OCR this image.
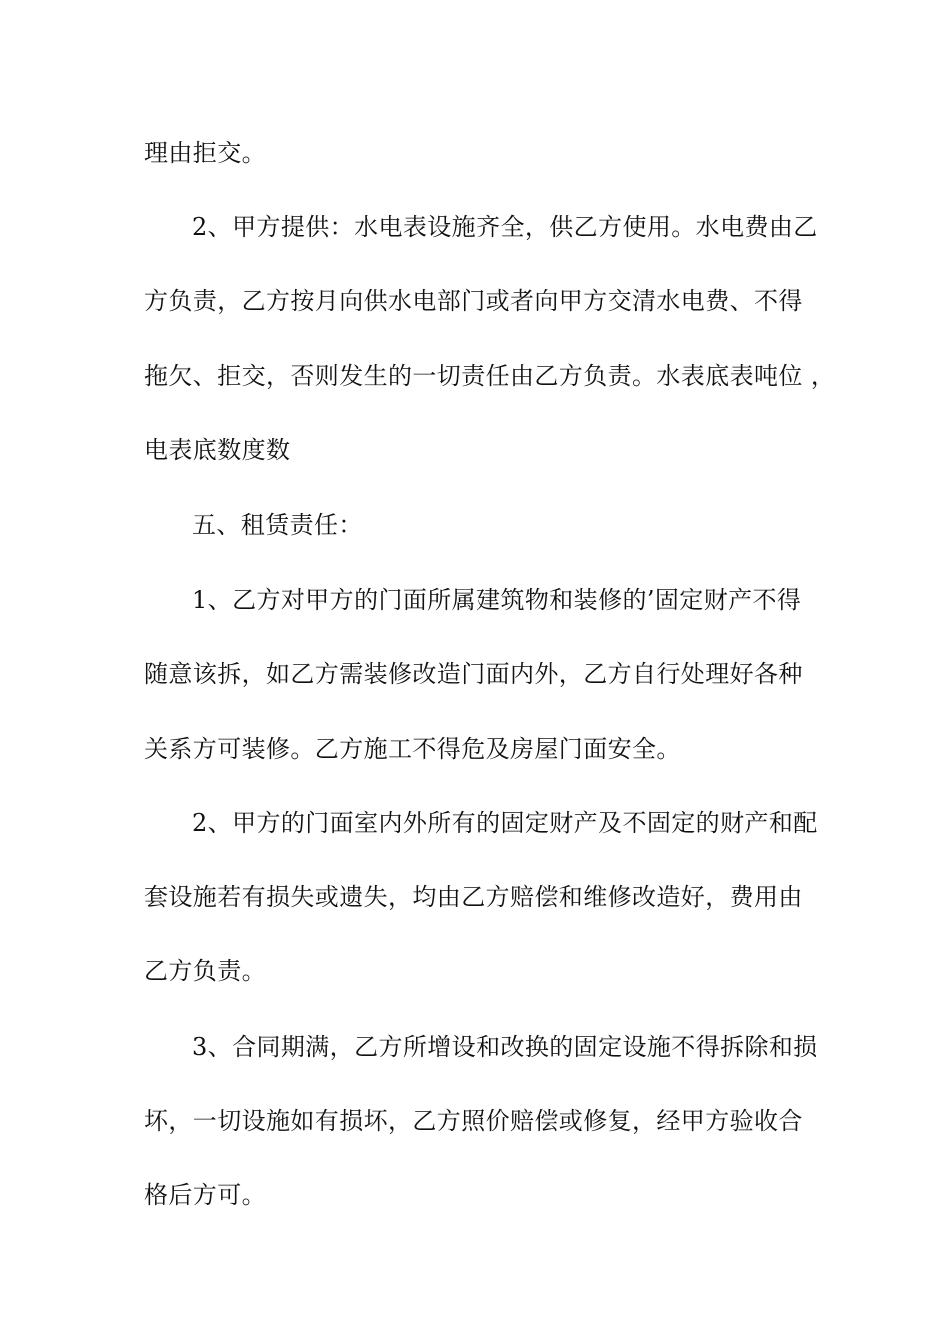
理由拒交。
2、甲方提供：水电表设施齐全，供乙方使用。水电费由乙
方负责，乙方按月向供水电部门或者向甲方交清水电费、不得
拖欠、拒交，否则发生的一切责任由乙方负责。水表底表吨位 ，
电表底数度数
五、租赁责任：
1、乙方对甲方的门面所属建筑物和装修的’固定财产不得
随意该拆，如乙方需装修改造门面内外，乙方自行处理好各种
关系方可装修。乙方施工不得危及房屋门面安全。
2、甲方的门面室内外所有的固定财产及不固定的财产和配
套设施若有损失或遗失，均由乙方赔偿和维修改造好，费用由
乙方负责。
3、合同期满，乙方所增设和改换的固定设施不得拆除和损
坏，一切设施如有损坏，乙方照价赔偿或修复，经甲方验收合
格后方可。
